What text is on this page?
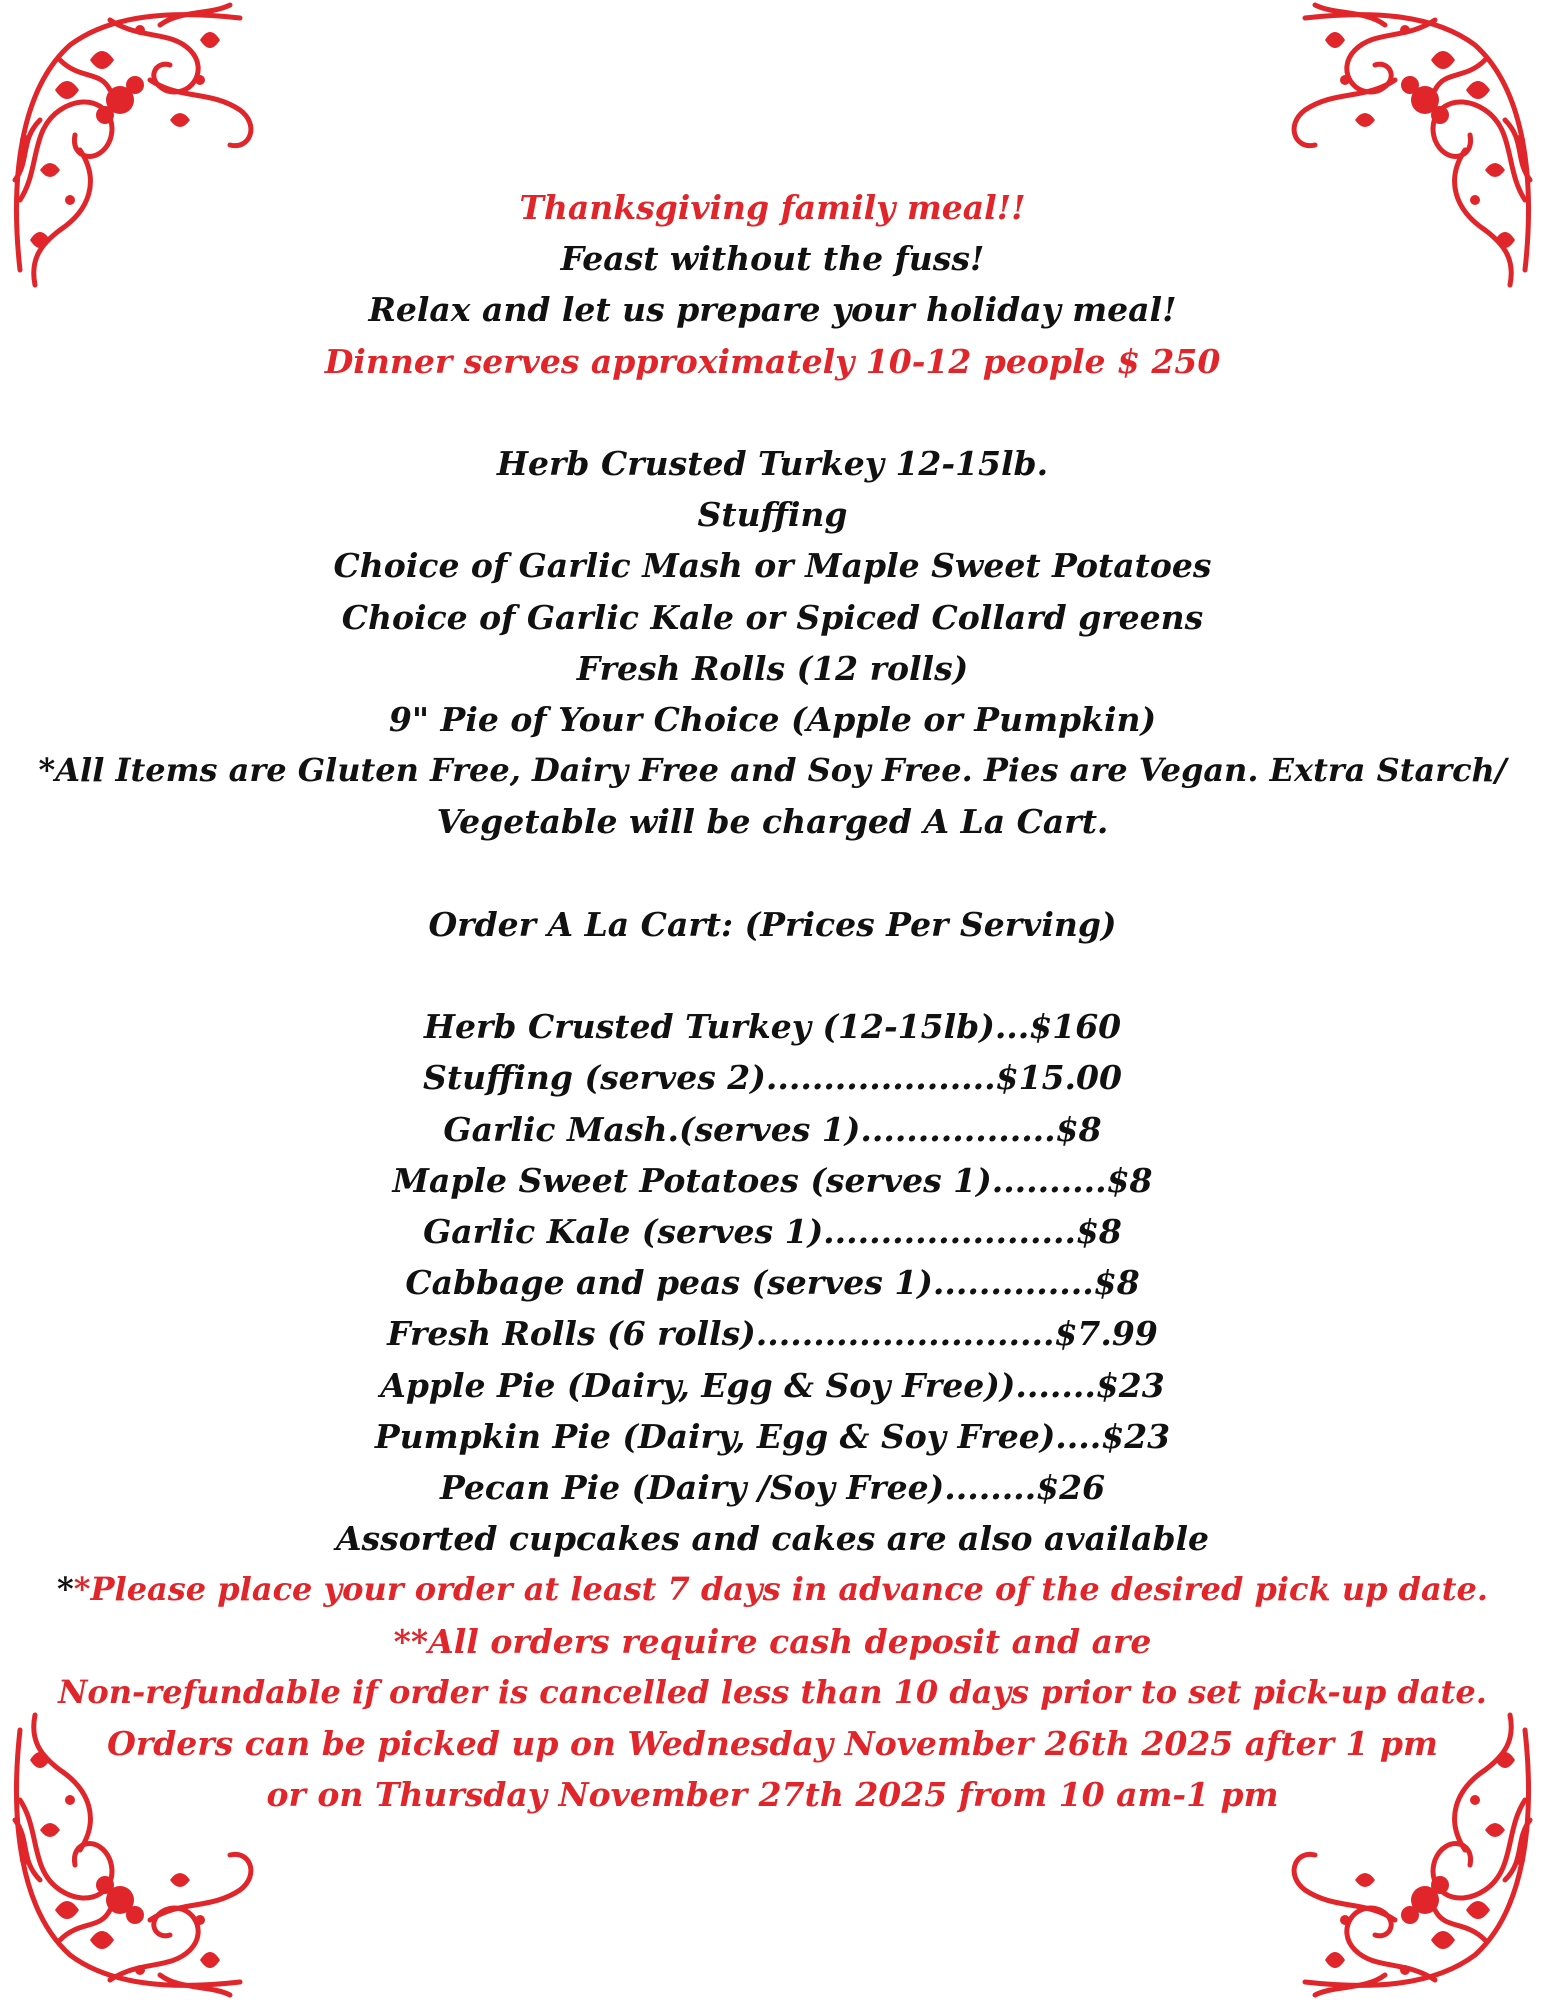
Thanksgiving family meal!!
Feast without the fuss!
Relax and let us prepare your holiday meal!
Dinner serves approximately 10-12 people $ 250
Herb Crusted Turkey 12-15lb.
Stuffing
Choice of Garlic Mash or Maple Sweet Potatoes
Choice of Garlic Kale or Spiced Collard greens
Fresh Rolls (12 rolls)
9" Pie of Your Choice (Apple or Pumpkin)
*All Items are Gluten Free, Dairy Free and Soy Free. Pies are Vegan. Extra Starch/
Vegetable will be charged A La Cart.
Order A La Cart: (Prices Per Serving)
Herb Crusted Turkey (12-15lb)...$160
Stuffing (serves 2)....................$15.00
Garlic Mash.(serves 1).................$8
Maple Sweet Potatoes (serves 1)..........$8
Garlic Kale (serves 1)......................$8
Cabbage and peas (serves 1)..............$8
Fresh Rolls (6 rolls)..........................$7.99
Apple Pie (Dairy, Egg & Soy Free)).......$23
Pumpkin Pie (Dairy, Egg & Soy Free)....$23
Pecan Pie (Dairy /Soy Free)........$26
Assorted cupcakes and cakes are also available
**Please place your order at least 7 days in advance of the desired pick up date.
**All orders require cash deposit and are
Non-refundable if order is cancelled less than 10 days prior to set pick-up date.
Orders can be picked up on Wednesday November 26th 2025 after 1 pm
or on Thursday November 27th 2025 from 10 am-1 pm
